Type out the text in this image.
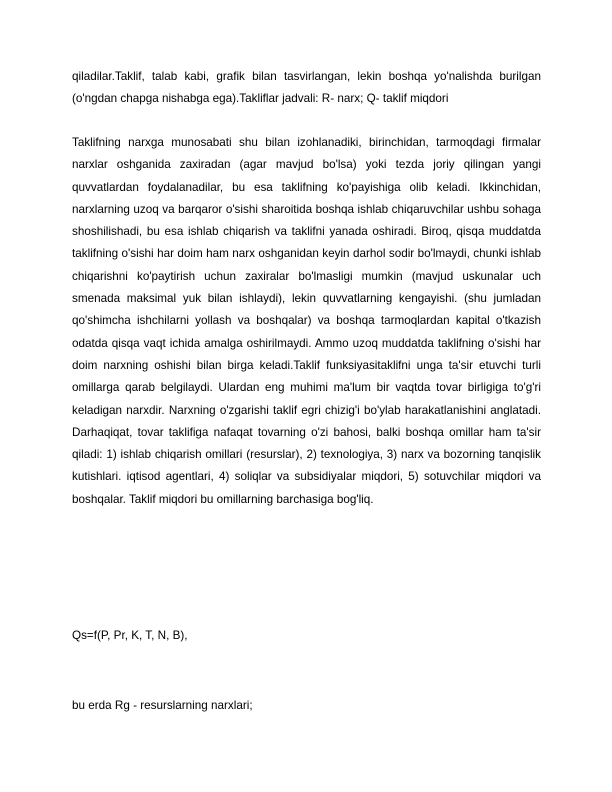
qiladilar.Taklif, talab kabi, grafik bilan tasvirlangan, lekin boshqa yo'nalishda burilgan (o'ngdan chapga nishabga ega).Takliflar jadvali: R- narx; Q- taklif miqdori

Taklifning narxga munosabati shu bilan izohlanadiki, birinchidan, tarmoqdagi firmalar narxlar oshganida zaxiradan (agar mavjud bo'lsa) yoki tezda joriy qilingan yangi quvvatlardan foydalanadilar, bu esa taklifning ko'payishiga olib keladi. Ikkinchidan, narxlarning uzoq va barqaror o'sishi sharoitida boshqa ishlab chiqaruvchilar ushbu sohaga shoshilishadi, bu esa ishlab chiqarish va taklifni yanada oshiradi. Biroq, qisqa muddatda taklifning o'sishi har doim ham narx oshganidan keyin darhol sodir bo'lmaydi, chunki ishlab chiqarishni ko'paytirish uchun zaxiralar bo'lmasligi mumkin (mavjud uskunalar uch smenada maksimal yuk bilan ishlaydi), lekin quvvatlarning kengayishi. (shu jumladan qo'shimcha ishchilarni yollash va boshqalar) va boshqa tarmoqlardan kapital o'tkazish odatda qisqa vaqt ichida amalga oshirilmaydi. Ammo uzoq muddatda taklifning o'sishi har doim narxning oshishi bilan birga keladi.Taklif funksiyasitaklifni unga ta'sir etuvchi turli omillarga qarab belgilaydi. Ulardan eng muhimi ma'lum bir vaqtda tovar birligiga to'g'ri keladigan narxdir. Narxning o'zgarishi taklif egri chizig'i bo'ylab harakatlanishini anglatadi. Darhaqiqat, tovar taklifiga nafaqat tovarning o'zi bahosi, balki boshqa omillar ham ta'sir qiladi: 1) ishlab chiqarish omillari (resurslar), 2) texnologiya, 3) narx va bozorning tanqislik kutishlari. iqtisod agentlari, 4) soliqlar va subsidiyalar miqdori, 5) sotuvchilar miqdori va boshqalar. Taklif miqdori bu omillarning barchasiga bog'liq.

Qs=f(P, Pr, K, T, N, B),

bu erda Rg - resurslarning narxlari;
